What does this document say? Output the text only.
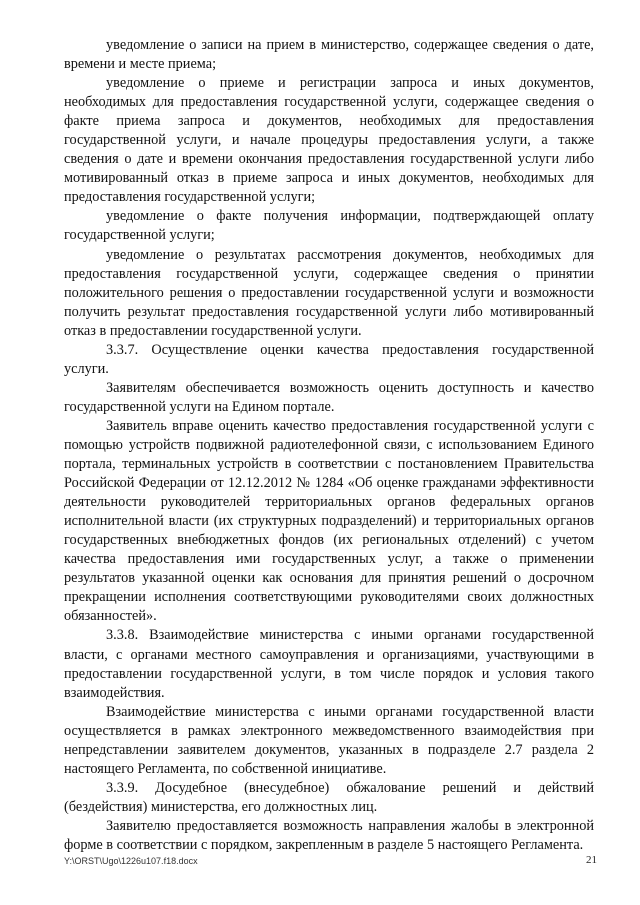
уведомление о записи на прием в министерство, содержащее сведения о дате, времени и месте приема;

уведомление о приеме и регистрации запроса и иных документов, необходимых для предоставления государственной услуги, содержащее сведения о факте приема запроса и документов, необходимых для предоставления государственной услуги, и начале процедуры предоставления услуги, а также сведения о дате и времени окончания предоставления государственной услуги либо мотивированный отказ в приеме запроса и иных документов, необходимых для предоставления государственной услуги;

уведомление о факте получения информации, подтверждающей оплату государственной услуги;

уведомление о результатах рассмотрения документов, необходимых для предоставления государственной услуги, содержащее сведения о принятии положительного решения о предоставлении государственной услуги и возможности получить результат предоставления государственной услуги либо мотивированный отказ в предоставлении государственной услуги.

3.3.7. Осуществление оценки качества предоставления государственной услуги.

Заявителям обеспечивается возможность оценить доступность и качество государственной услуги на Едином портале.

Заявитель вправе оценить качество предоставления государственной услуги с помощью устройств подвижной радиотелефонной связи, с использованием Единого портала, терминальных устройств в соответствии с постановлением Правительства Российской Федерации от 12.12.2012 № 1284 «Об оценке гражданами эффективности деятельности руководителей территориальных органов федеральных органов исполнительной власти (их структурных подразделений) и территориальных органов государственных внебюджетных фондов (их региональных отделений) с учетом качества предоставления ими государственных услуг, а также о применении результатов указанной оценки как основания для принятия решений о досрочном прекращении исполнения соответствующими руководителями своих должностных обязанностей».

3.3.8. Взаимодействие министерства с иными органами государственной власти, с органами местного самоуправления и организациями, участвующими в предоставлении государственной услуги, в том числе порядок и условия такого взаимодействия.

Взаимодействие министерства с иными органами государственной власти осуществляется в рамках электронного межведомственного взаимодействия при непредставлении заявителем документов, указанных в подразделе 2.7 раздела 2 настоящего Регламента, по собственной инициативе.

3.3.9. Досудебное (внесудебное) обжалование решений и действий (бездействия) министерства, его должностных лиц.

Заявителю предоставляется возможность направления жалобы в электронной форме в соответствии с порядком, закрепленным в разделе 5 настоящего Регламента.

Y:\ORST\Ugo\1226u107.f18.docx	21
